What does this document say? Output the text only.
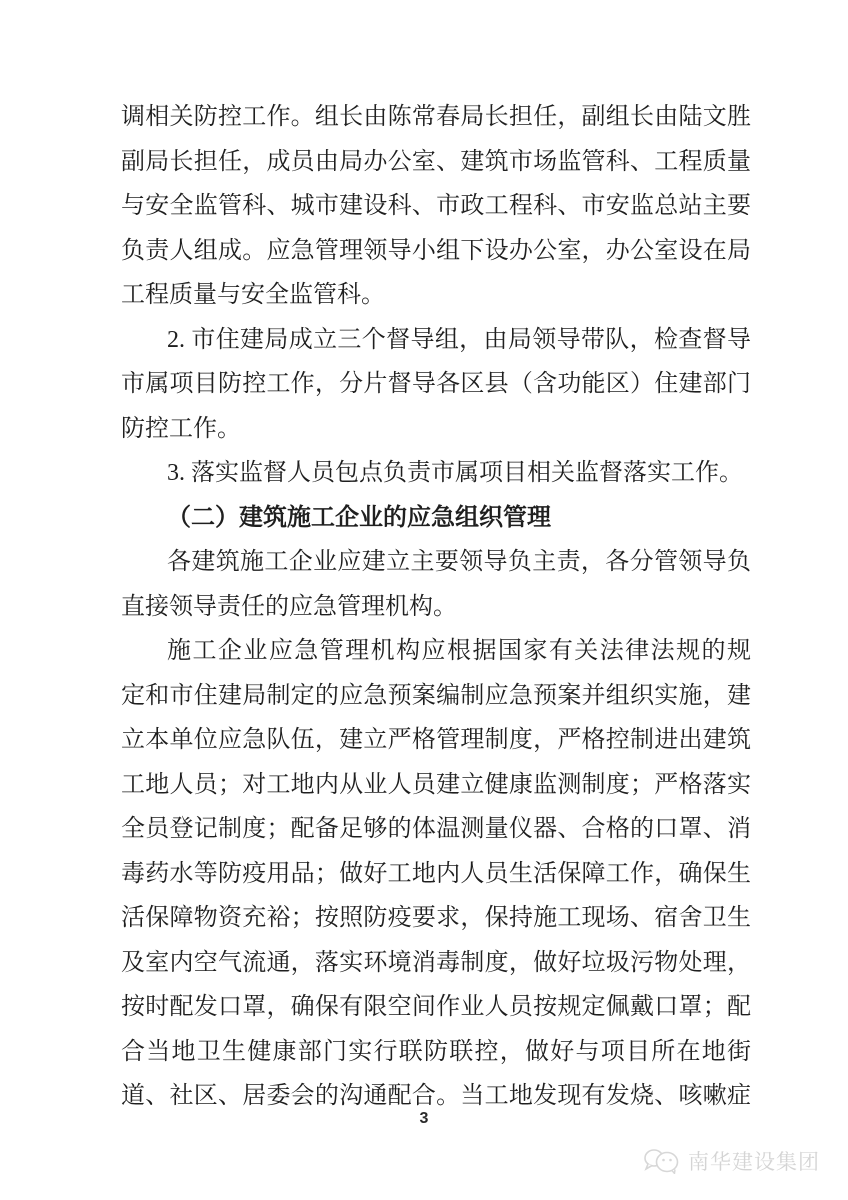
调相关防控工作。组长由陈常春局长担任，副组长由陆文胜
副局长担任，成员由局办公室、建筑市场监管科、工程质量
与安全监管科、城市建设科、市政工程科、市安监总站主要
负责人组成。应急管理领导小组下设办公室，办公室设在局
工程质量与安全监管科。
2. 市住建局成立三个督导组，由局领导带队，检查督导
市属项目防控工作，分片督导各区县（含功能区）住建部门
防控工作。
3. 落实监督人员包点负责市属项目相关监督落实工作。
（二）建筑施工企业的应急组织管理
各建筑施工企业应建立主要领导负主责，各分管领导负
直接领导责任的应急管理机构。
施工企业应急管理机构应根据国家有关法律法规的规
定和市住建局制定的应急预案编制应急预案并组织实施，建
立本单位应急队伍，建立严格管理制度，严格控制进出建筑
工地人员；对工地内从业人员建立健康监测制度；严格落实
全员登记制度；配备足够的体温测量仪器、合格的口罩、消
毒药水等防疫用品；做好工地内人员生活保障工作，确保生
活保障物资充裕；按照防疫要求，保持施工现场、宿舍卫生
及室内空气流通，落实环境消毒制度，做好垃圾污物处理，
按时配发口罩，确保有限空间作业人员按规定佩戴口罩；配
合当地卫生健康部门实行联防联控，做好与项目所在地街
道、社区、居委会的沟通配合。当工地发现有发烧、咳嗽症
3
南华建设集团
